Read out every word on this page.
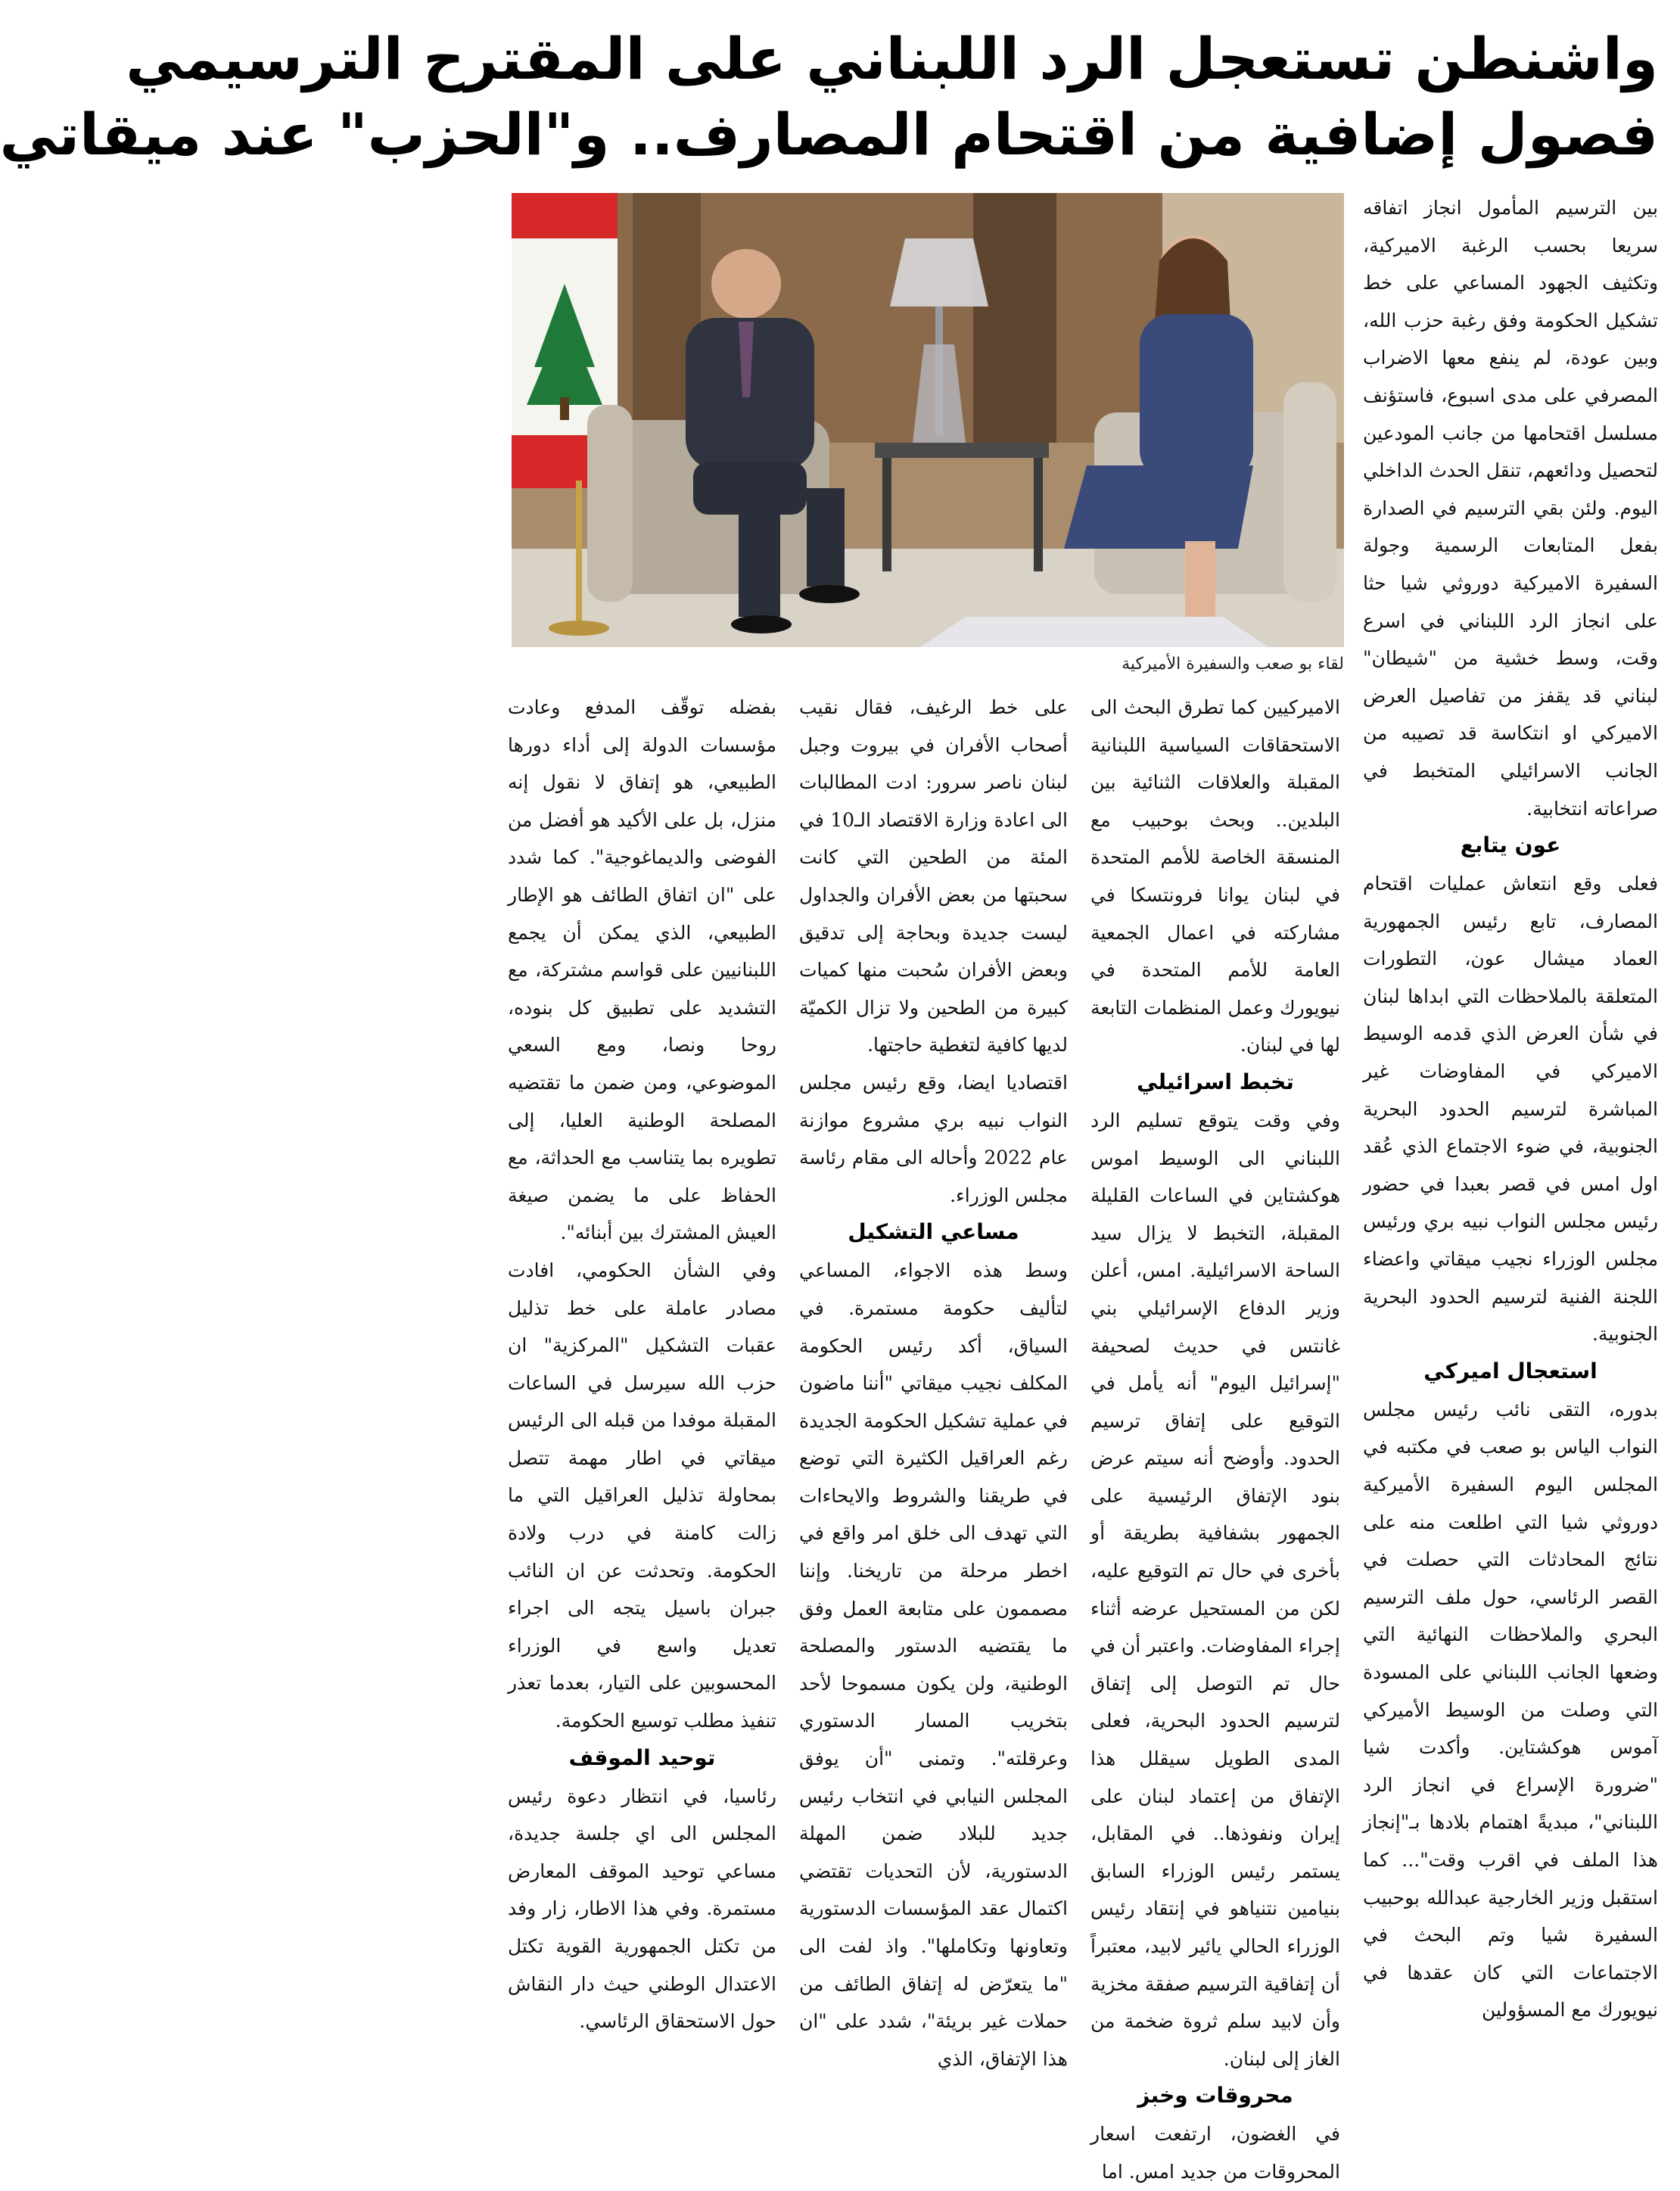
واشنطن تستعجل الرد اللبناني على المقترح الترسيمي
فصول إضافية من اقتحام المصارف.. و"الحزب" عند ميقاتي

بين الترسيم المأمول انجاز اتفاقه سريعا بحسب الرغبة الاميركية، وتكثيف الجهود المساعي على خط تشكيل الحكومة وفق رغبة حزب الله، وبين عودة، لم ينفع معها الاضراب المصرفي على مدى اسبوع، فاستؤنف مسلسل اقتحامها من جانب المودعين لتحصيل ودائعهم، تنقل الحدث الداخلي اليوم. ولئن بقي الترسيم في الصدارة بفعل المتابعات الرسمية وجولة السفيرة الاميركية دوروثي شيا حثا على انجاز الرد اللبناني في اسرع وقت، وسط خشية من "شيطان" لبناني قد يقفز من تفاصيل العرض الاميركي او انتكاسة قد تصيبه من الجانب الاسرائيلي المتخبط في صراعاته انتخابية.

عون يتابع

فعلى وقع انتعاش عمليات اقتحام المصارف، تابع رئيس الجمهورية العماد ميشال عون، التطورات المتعلقة بالملاحظات التي ابداها لبنان في شأن العرض الذي قدمه الوسيط الاميركي في المفاوضات غير المباشرة لترسيم الحدود البحرية الجنوبية، في ضوء الاجتماع الذي عُقد اول امس في قصر بعبدا في حضور رئيس مجلس النواب نبيه بري ورئيس مجلس الوزراء نجيب ميقاتي واعضاء اللجنة الفنية لترسيم الحدود البحرية الجنوبية.

استعجال اميركي

بدوره، التقى نائب رئيس مجلس النواب الياس بو صعب في مكتبه في المجلس اليوم السفيرة الأميركية دوروثي شيا التي اطلعت منه على نتائج المحادثات التي حصلت في القصر الرئاسي، حول ملف الترسيم البحري والملاحظات النهائية التي وضعها الجانب اللبناني على المسودة التي وصلت من الوسيط الأميركي آموس هوكشتاين. وأكدت شيا "ضرورة الإسراع في انجاز الرد اللبناني"، مبديةً اهتمام بلادها بـ"إنجاز هذا الملف في اقرب وقت"... كما استقبل وزير الخارجية عبدالله بوحبيب السفيرة شيا وتم البحث في الاجتماعات التي كان عقدها في نيويورك مع المسؤولين

لقاء بو صعب والسفيرة الأميركية

الاميركيين كما تطرق البحث الى الاستحقاقات السياسية اللبنانية المقبلة والعلاقات الثنائية بين البلدين.. وبحث بوحبيب مع المنسقة الخاصة للأمم المتحدة في لبنان يوانا فرونتسكا في مشاركته في اعمال الجمعية العامة للأمم المتحدة في نيويورك وعمل المنظمات التابعة لها في لبنان.

تخبط اسرائيلي

وفي وقت يتوقع تسليم الرد اللبناني الى الوسيط اموس هوكشتاين في الساعات القليلة المقبلة، التخبط لا يزال سيد الساحة الاسرائيلية. امس، أعلن وزير الدفاع الإسرائيلي بني غانتس في حديث لصحيفة "إسرائيل اليوم" أنه يأمل في التوقيع على إتفاق ترسيم الحدود. وأوضح أنه سيتم عرض بنود الإتفاق الرئيسية على الجمهور بشفافية بطريقة أو بأخرى في حال تم التوقيع عليه، لكن من المستحيل عرضه أثناء إجراء المفاوضات. واعتبر أن في حال تم التوصل إلى إتفاق لترسيم الحدود البحرية، فعلى المدى الطويل سيقلل هذا الإتفاق من إعتماد لبنان على إيران ونفوذها.. في المقابل، يستمر رئيس الوزراء السابق بنيامين نتنياهو في إنتقاد رئيس الوزراء الحالي يائير لابيد، معتبراً أن إتفاقية الترسيم صفقة مخزية وأن لابيد سلم ثروة ضخمة من الغاز إلى لبنان.

محروقات وخبز

في الغضون، ارتفعت اسعار المحروقات من جديد امس. اما

على خط الرغيف، فقال نقيب أصحاب الأفران في بيروت وجبل لبنان ناصر سرور: ادت المطالبات الى اعادة وزارة الاقتصاد الـ10 في المئة من الطحين التي كانت سحبتها من بعض الأفران والجداول ليست جديدة وبحاجة إلى تدقيق وبعض الأفران سُحبت منها كميات كبيرة من الطحين ولا تزال الكميّة لديها كافية لتغطية حاجتها.

اقتصاديا ايضا، وقع رئيس مجلس النواب نبيه بري مشروع موازنة عام 2022 وأحاله الى مقام رئاسة مجلس الوزراء.

مساعي التشكيل

وسط هذه الاجواء، المساعي لتأليف حكومة مستمرة. في السياق، أكد رئيس الحكومة المكلف نجيب ميقاتي "أننا ماضون في عملية تشكيل الحكومة الجديدة رغم العراقيل الكثيرة التي توضع في طريقنا والشروط والايحاءات التي تهدف الى خلق امر واقع في اخطر مرحلة من تاريخنا. وإننا مصممون على متابعة العمل وفق ما يقتضيه الدستور والمصلحة الوطنية، ولن يكون مسموحا لأحد بتخريب المسار الدستوري وعرقلته". وتمنى "أن يوفق المجلس النيابي في انتخاب رئيس جديد للبلاد ضمن المهلة الدستورية، لأن التحديات تقتضي اكتمال عقد المؤسسات الدستورية وتعاونها وتكاملها". واذ لفت الى "ما يتعرّض له إتفاق الطائف من حملات غير بريئة"، شدد على "ان هذا الإتفاق، الذي

بفضله توقّف المدفع وعادت مؤسسات الدولة إلى أداء دورها الطبيعي، هو إتفاق لا نقول إنه منزل، بل على الأكيد هو أفضل من الفوضى والديماغوجية". كما شدد على "ان اتفاق الطائف هو الإطار الطبيعي، الذي يمكن أن يجمع اللبنانيين على قواسم مشتركة، مع التشديد على تطبيق كل بنوده، روحا ونصا، ومع السعي الموضوعي، ومن ضمن ما تقتضيه المصلحة الوطنية العليا، إلى تطويره بما يتناسب مع الحداثة، مع الحفاظ على ما يضمن صيغة العيش المشترك بين أبنائه".

وفي الشأن الحكومي، افادت مصادر عاملة على خط تذليل عقبات التشكيل "المركزية" ان حزب الله سيرسل في الساعات المقبلة موفدا من قبله الى الرئيس ميقاتي في اطار مهمة تتصل بمحاولة تذليل العراقيل التي ما زالت كامنة في درب ولادة الحكومة. وتحدثت عن ان النائب جبران باسيل يتجه الى اجراء تعديل واسع في الوزراء المحسوبين على التيار، بعدما تعذر تنفيذ مطلب توسيع الحكومة.

توحيد الموقف

رئاسيا، في انتظار دعوة رئيس المجلس الى اي جلسة جديدة، مساعي توحيد الموقف المعارض مستمرة. وفي هذا الاطار، زار وفد من تكتل الجمهورية القوية تكتل الاعتدال الوطني حيث دار النقاش حول الاستحقاق الرئاسي.
